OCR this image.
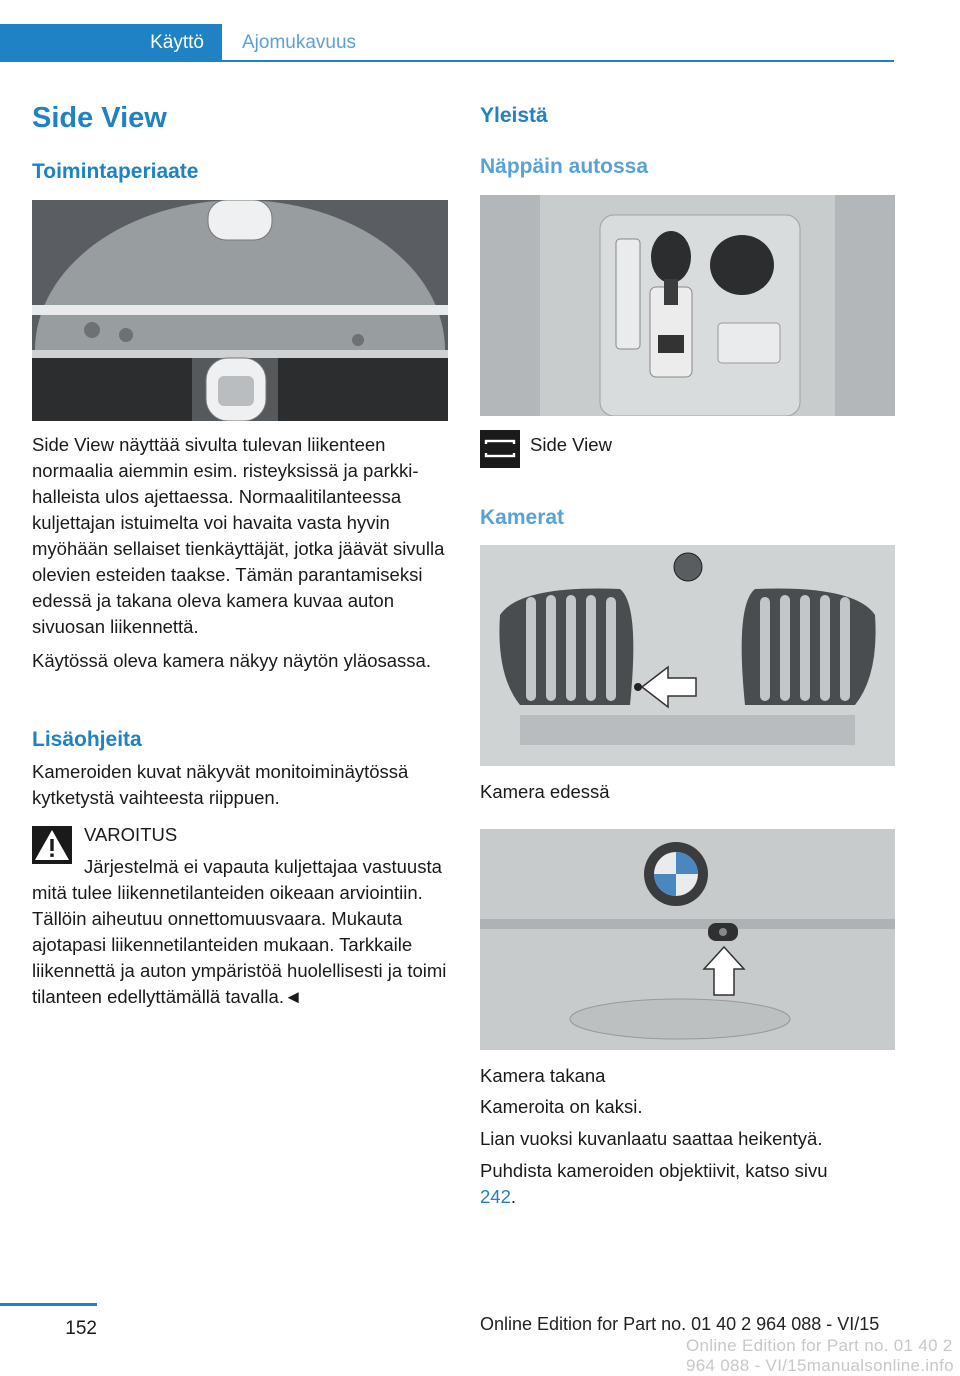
Käyttö	Ajomukavuus
Side View
Toimintaperiaate

Side View näyttää sivulta tulevan liikenteen normaalia aiemmin esim. risteyksissä ja parkkihalleista ulos ajettaessa. Normaalitilanteessa kuljettajan istuimelta voi havaita vasta hyvin myöhään sellaiset tienkäyttäjät, jotka jäävät sivulla olevien esteiden taakse. Tämän parantamiseksi edessä ja takana oleva kamera kuvaa auton sivuosan liikennettä.

Käytössä oleva kamera näkyy näytön yläosassa.

Lisäohjeita
Kameroiden kuvat näkyvät monitoiminäytössä kytketystä vaihteesta riippuen.
VAROITUS
Järjestelmä ei vapauta kuljettajaa vastuusta mitä tulee liikennetilanteiden oikeaan arviointiin. Tällöin aiheutuu onnettomuusvaara. Mukauta ajotapasi liikennetilanteiden mukaan. Tarkkaile liikennettä ja auton ympäristöä huolellisesti ja toimi tilanteen edellyttämällä tavalla.◄
Yleistä
Näppäin autossa
Side View
Kamerat
Kamera edessä
Kamera takana

Kameroita on kaksi.

Lian vuoksi kuvanlaatu saattaa heikentyä.

Puhdista kameroiden objektiivit, katso sivu 242.

152	Online Edition for Part no. 01 40 2 964 088 - VI/15
Online Edition for Part no. 01 40 2 964 088 - VI/15manualsonline.info
